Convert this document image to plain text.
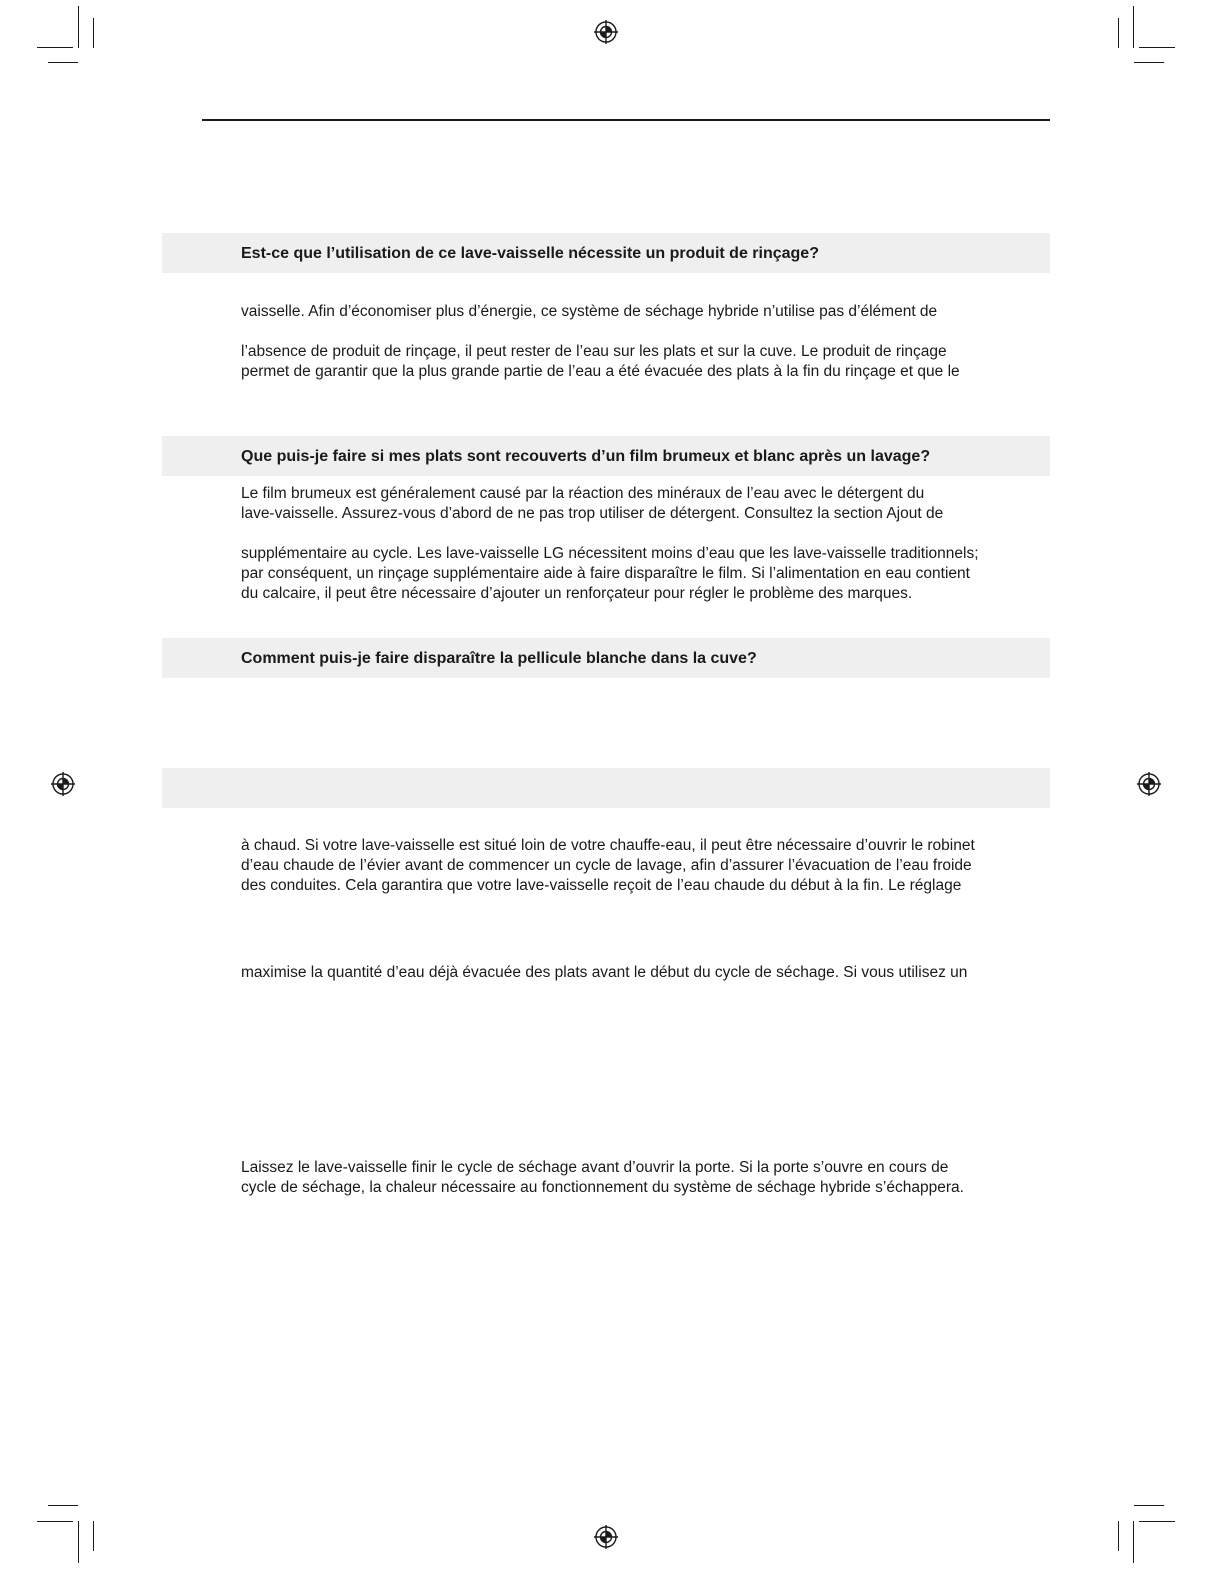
Est-ce que l’utilisation de ce lave-vaisselle nécessite un produit de rinçage?
vaisselle. Afin d’économiser plus d’énergie, ce système de séchage hybride n’utilise pas d’élément de
l’absence de produit de rinçage, il peut rester de l’eau sur les plats et sur la cuve. Le produit de rinçage
permet de garantir que la plus grande partie de l’eau a été évacuée des plats à la fin du rinçage et que le
Que puis-je faire si mes plats sont recouverts d’un film brumeux et blanc après un lavage?
Le film brumeux est généralement causé par la réaction des minéraux de l’eau avec le détergent du
lave-vaisselle. Assurez-vous d’abord de ne pas trop utiliser de détergent. Consultez la section Ajout de
supplémentaire au cycle. Les lave-vaisselle LG nécessitent moins d’eau que les lave-vaisselle traditionnels;
par conséquent, un rinçage supplémentaire aide à faire disparaître le film. Si l’alimentation en eau contient
du calcaire, il peut être nécessaire d’ajouter un renforçateur pour régler le problème des marques.
Comment puis-je faire disparaître la pellicule blanche dans la cuve?
à chaud. Si votre lave-vaisselle est situé loin de votre chauffe-eau, il peut être nécessaire d’ouvrir le robinet
d’eau chaude de l’évier avant de commencer un cycle de lavage, afin d’assurer l’évacuation de l’eau froide
des conduites. Cela garantira que votre lave-vaisselle reçoit de l’eau chaude du début à la fin. Le réglage
maximise la quantité d’eau déjà évacuée des plats avant le début du cycle de séchage. Si vous utilisez un
Laissez le lave-vaisselle finir le cycle de séchage avant d’ouvrir la porte. Si la porte s’ouvre en cours de
cycle de séchage, la chaleur nécessaire au fonctionnement du système de séchage hybride s’échappera.
